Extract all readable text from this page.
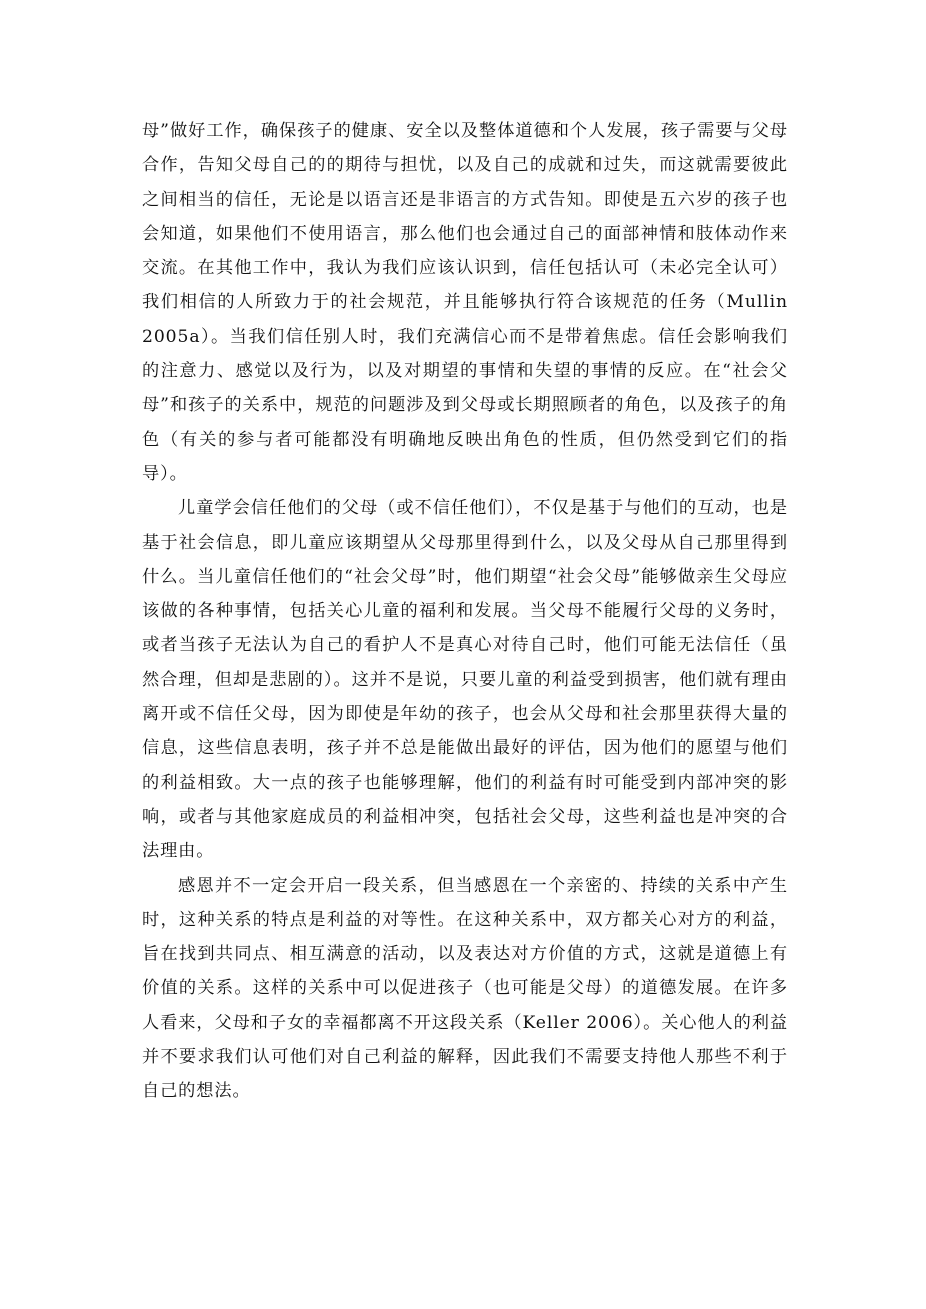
母”做好工作，确保孩子的健康、安全以及整体道德和个人发展，孩子需要与父母合作，告知父母自己的的期待与担忧，以及自己的成就和过失，而这就需要彼此之间相当的信任，无论是以语言还是非语言的方式告知。即使是五六岁的孩子也会知道，如果他们不使用语言，那么他们也会通过自己的面部神情和肢体动作来交流。在其他工作中，我认为我们应该认识到，信任包括认可（未必完全认可）我们相信的人所致力于的社会规范，并且能够执行符合该规范的任务（Mullin 2005a）。当我们信任别人时，我们充满信心而不是带着焦虑。信任会影响我们的注意力、感觉以及行为，以及对期望的事情和失望的事情的反应。在“社会父母”和孩子的关系中，规范的问题涉及到父母或长期照顾者的角色，以及孩子的角色（有关的参与者可能都没有明确地反映出角色的性质，但仍然受到它们的指导）。

儿童学会信任他们的父母（或不信任他们），不仅是基于与他们的互动，也是基于社会信息，即儿童应该期望从父母那里得到什么，以及父母从自己那里得到什么。当儿童信任他们的“社会父母”时，他们期望“社会父母”能够做亲生父母应该做的各种事情，包括关心儿童的福利和发展。当父母不能履行父母的义务时，或者当孩子无法认为自己的看护人不是真心对待自己时，他们可能无法信任（虽然合理，但却是悲剧的）。这并不是说，只要儿童的利益受到损害，他们就有理由离开或不信任父母，因为即使是年幼的孩子，也会从父母和社会那里获得大量的信息，这些信息表明，孩子并不总是能做出最好的评估，因为他们的愿望与他们的利益相致。大一点的孩子也能够理解，他们的利益有时可能受到内部冲突的影响，或者与其他家庭成员的利益相冲突，包括社会父母，这些利益也是冲突的合法理由。

感恩并不一定会开启一段关系，但当感恩在一个亲密的、持续的关系中产生时，这种关系的特点是利益的对等性。在这种关系中，双方都关心对方的利益，旨在找到共同点、相互满意的活动，以及表达对方价值的方式，这就是道德上有价值的关系。这样的关系中可以促进孩子（也可能是父母）的道德发展。在许多人看来，父母和子女的幸福都离不开这段关系（Keller 2006）。关心他人的利益并不要求我们认可他们对自己利益的解释，因此我们不需要支持他人那些不利于自己的想法。
